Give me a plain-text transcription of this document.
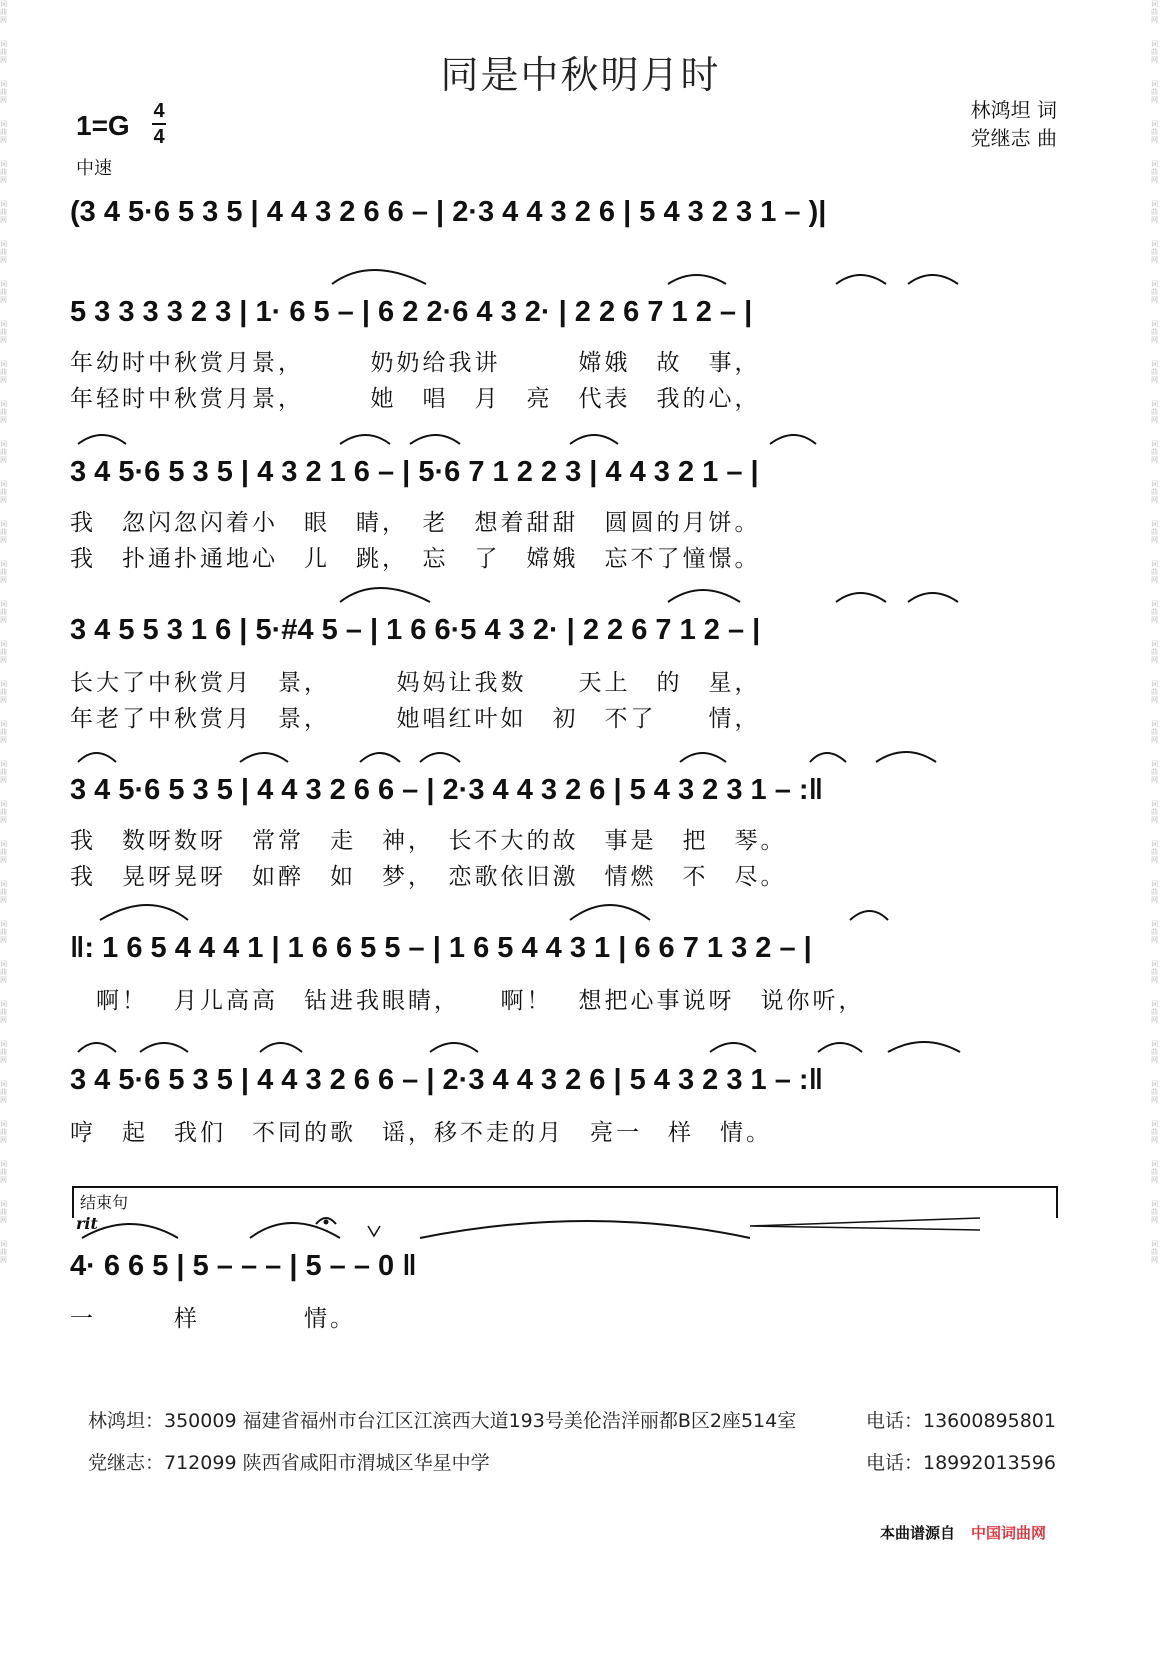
词曲网
词曲网
词曲网
词曲网
词曲网
词曲网
词曲网
词曲网
词曲网
词曲网
词曲网
词曲网
词曲网
词曲网
词曲网
词曲网
词曲网
词曲网
词曲网
词曲网
词曲网
词曲网
词曲网
词曲网
词曲网
词曲网
词曲网
词曲网
词曲网
词曲网
词曲网
词曲网
词曲网
词曲网
词曲网
词曲网
词曲网
词曲网
词曲网
词曲网
词曲网
词曲网
词曲网
词曲网
词曲网
词曲网
词曲网
词曲网
词曲网
词曲网
词曲网
词曲网
词曲网
词曲网
词曲网
词曲网
词曲网
词曲网
词曲网
词曲网
词曲网
词曲网
词曲网
词曲网
同是中秋明月时
1=G 4
4
林鸿坦 词
党继志 曲
中速
(3 4 5·6 5 3 5 | 4 4 3 2 6 6 – | 2·3 4 4 3 2 6 | 5 4 3 2 3 1 – )|
5 3 3 3 3 2 3 | 1· 6 5 – | 6 2 2·6 4 3 2· | 2 2 6 7 1 2 – |
年幼时中秋赏月景，　　　奶奶给我讲　　　嫦娥　故　事，
年轻时中秋赏月景，　　　她　唱　月　亮　代表　我的心，
3 4 5·6 5 3 5 | 4 3 2 1 6 – | 5·6 7 1 2 2 3 | 4 4 3 2 1 – |
我　忽闪忽闪着小　眼　睛，　老　想着甜甜　圆圆的月饼。
我　扑通扑通地心　儿　跳，　忘　了　嫦娥　忘不了憧憬。
3 4 5 5 3 1 6 | 5·#4 5 – | 1 6 6·5 4 3 2· | 2 2 6 7 1 2 – |
长大了中秋赏月　景，　　　妈妈让我数　　天上　的　星，
年老了中秋赏月　景，　　　她唱红叶如　初　不了　　情，
3 4 5·6 5 3 5 | 4 4 3 2 6 6 – | 2·3 4 4 3 2 6 | 5 4 3 2 3 1 – :‖
我　数呀数呀　常常　走　神，　长不大的故　事是　把　琴。
我　晃呀晃呀　如醉　如　梦，　恋歌依旧激　情燃　不　尽。
‖: 1 6 5 4 4 4 1 | 1 6 6 5 5 – | 1 6 5 4 4 3 1 | 6 6 7 1 3 2 – |
　啊！　月儿高高　钻进我眼睛，　　啊！　想把心事说呀　说你听，
3 4 5·6 5 3 5 | 4 4 3 2 6 6 – | 2·3 4 4 3 2 6 | 5 4 3 2 3 1 – :‖
哼　起　我们　不同的歌　谣，移不走的月　亮一　样　情。
结束句
rit
4· 6 6 5 | 5 – – – | 5 – – 0 ‖
一　　　样　　　　情。
林鸿坦：350009 福建省福州市台江区江滨西大道193号美伦浩洋丽都B区2座514室	电话：13600895801
党继志：712099 陕西省咸阳市渭城区华星中学	电话：18992013596
本曲谱源自 中国词曲网
